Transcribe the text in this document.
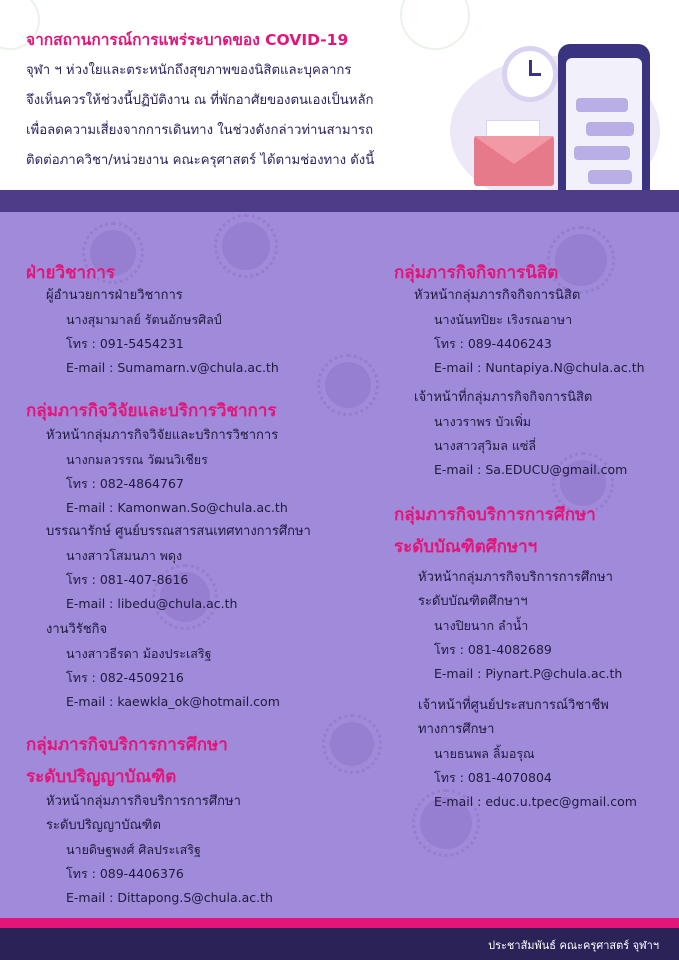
จากสถานการณ์การแพร่ระบาดของ COVID-19
จุฬา ฯ ห่วงใยและตระหนักถึงสุขภาพของนิสิตและบุคลากร
จึงเห็นควรให้ช่วงนี้ปฏิบัติงาน ณ ที่พักอาศัยของตนเองเป็นหลัก
เพื่อลดความเสี่ยงจากการเดินทาง ในช่วงดังกล่าวท่านสามารถ
ติดต่อภาควิชา/หน่วยงาน คณะครุศาสตร์ ได้ตามช่องทาง ดังนี้
ฝ่ายวิชาการ
ผู้อำนวยการฝ่ายวิชาการ
นางสุมามาลย์ รัตนอักษรศิลป์
โทร : 091-5454231
E-mail : Sumamarn.v@chula.ac.th
กลุ่มภารกิจวิจัยและบริการวิชาการ
หัวหน้ากลุ่มภารกิจวิจัยและบริการวิชาการ
นางกมลวรรณ วัฒนวิเชียร
โทร : 082-4864767
E-mail : Kamonwan.So@chula.ac.th
บรรณารักษ์ ศูนย์บรรณสารสนเทศทางการศึกษา
นางสาวโสมนภา พดุง
โทร : 081-407-8616
E-mail : libedu@chula.ac.th
งานวิรัชกิจ
นางสาวธีรดา ม้องประเสริฐ
โทร : 082-4509216
E-mail : kaewkla_ok@hotmail.com
กลุ่มภารกิจบริการการศึกษา
ระดับปริญญาบัณฑิต
หัวหน้ากลุ่มภารกิจบริการการศึกษา
ระดับปริญญาบัณฑิต
นายดิษฐพงศ์ ศิลประเสริฐ
โทร : 089-4406376
E-mail : Dittapong.S@chula.ac.th
กลุ่มภารกิจกิจการนิสิต
หัวหน้ากลุ่มภารกิจกิจการนิสิต
นางนันทปิยะ เริงรณอาษา
โทร : 089-4406243
E-mail : Nuntapiya.N@chula.ac.th
เจ้าหน้าที่กลุ่มภารกิจกิจการนิสิต
นางวราพร บัวเพิ่ม
นางสาวสุวิมล แซ่ลี่
E-mail : Sa.EDUCU@gmail.com
กลุ่มภารกิจบริการการศึกษา
ระดับบัณฑิตศึกษาฯ
หัวหน้ากลุ่มภารกิจบริการการศึกษา
ระดับบัณฑิตศึกษาฯ
นางปิยนาก ลำน้ำ
โทร : 081-4082689
E-mail : Piynart.P@chula.ac.th
เจ้าหน้าที่ศูนย์ประสบการณ์วิชาชีพ
ทางการศึกษา
นายธนพล ลิ้มอรุณ
โทร : 081-4070804
E-mail : educ.u.tpec@gmail.com
ประชาสัมพันธ์ คณะครุศาสตร์ จุฬาฯ
